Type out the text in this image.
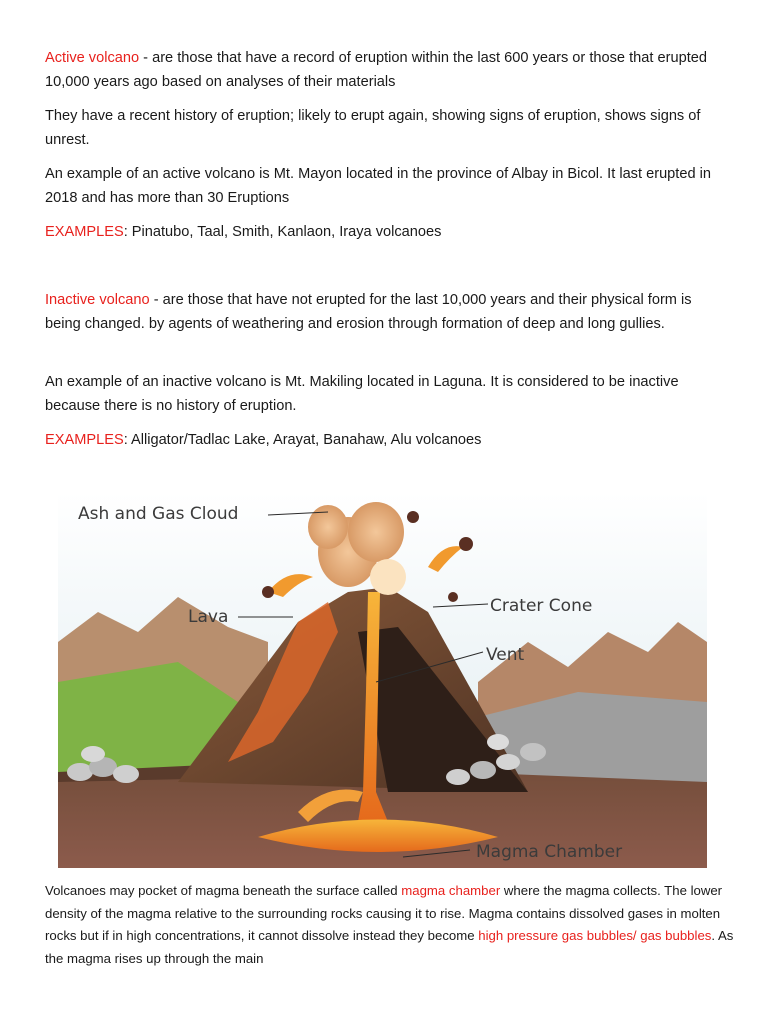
Active volcano - are those that have a record of eruption within the last 600 years or those that erupted 10,000 years ago based on analyses of their materials

They have a recent history of eruption; likely to erupt again, showing signs of eruption, shows signs of unrest.

An example of an active volcano is Mt. Mayon located in the province of Albay in Bicol. It last erupted in 2018 and has more than 30 Eruptions

EXAMPLES: Pinatubo, Taal, Smith, Kanlaon, Iraya volcanoes

Inactive volcano - are those that have not erupted for the last 10,000 years and their physical form is being changed. by agents of weathering and erosion through formation of deep and long gullies.

An example of an inactive volcano is Mt. Makiling located in Laguna. It is considered to be inactive because there is no history of eruption.

EXAMPLES: Alligator/Tadlac Lake, Arayat, Banahaw, Alu volcanoes

Ash and Gas Cloud
Lava
Crater Cone
Vent
Magma Chamber

Volcanoes may pocket of magma beneath the surface called magma chamber where the magma collects. The lower density of the magma relative to the surrounding rocks causing it to rise. Magma contains dissolved gases in molten rocks but if in high concentrations, it cannot dissolve instead they become high pressure gas bubbles/ gas bubbles. As the magma rises up through the main
